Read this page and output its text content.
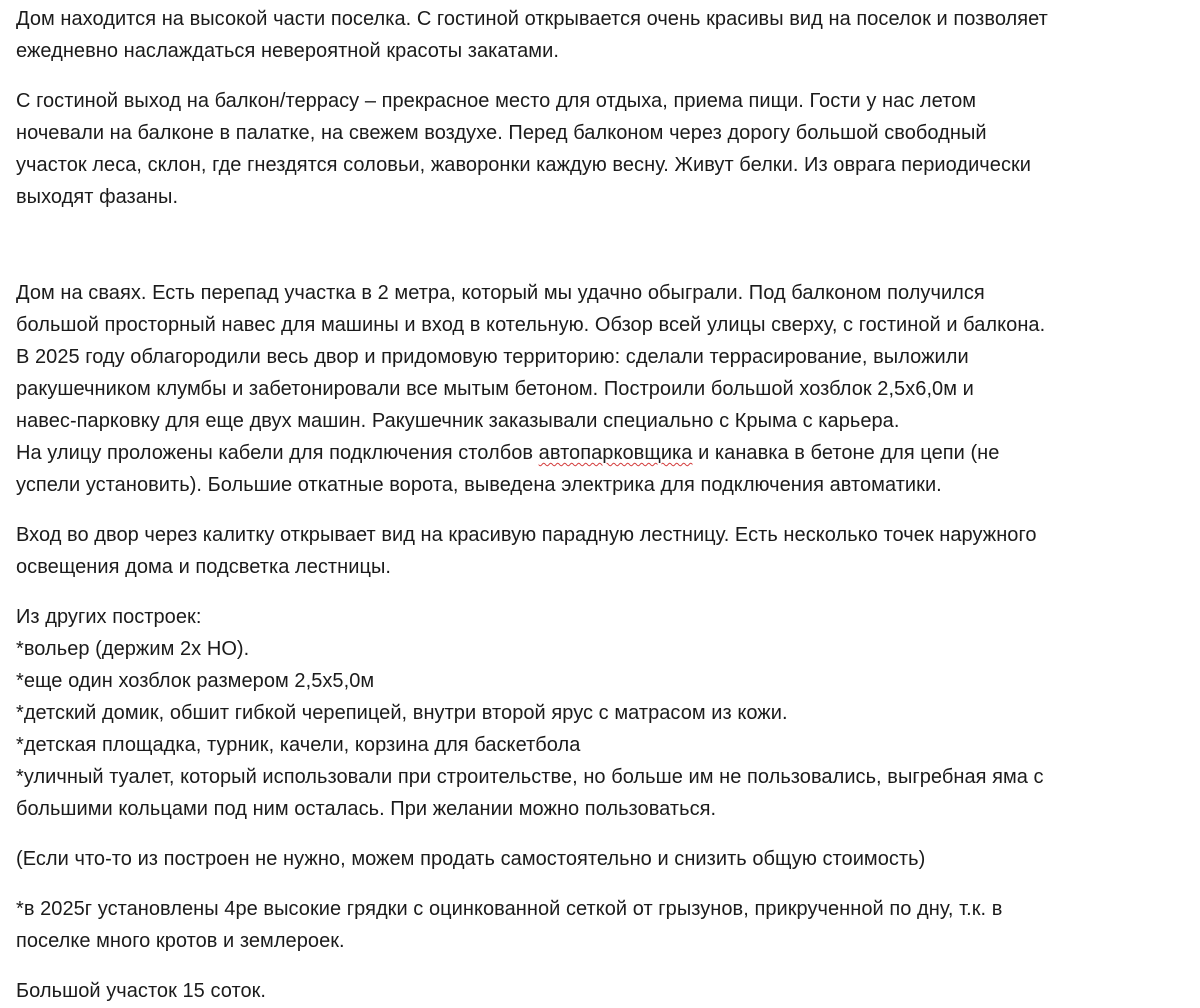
Дом находится на высокой части поселка. С гостиной открывается очень красивы вид на поселок и позволяет
ежедневно наслаждаться невероятной красоты закатами.
С гостиной выход на балкон/террасу – прекрасное место для отдыха, приема пищи. Гости у нас летом
ночевали на балконе в палатке, на свежем воздухе. Перед балконом через дорогу большой свободный
участок леса, склон, где гнездятся соловьи, жаворонки каждую весну. Живут белки. Из оврага периодически
выходят фазаны.
Дом на сваях. Есть перепад участка в 2 метра, который мы удачно обыграли. Под балконом получился
большой просторный навес для машины и вход в котельную. Обзор всей улицы сверху, с гостиной и балкона.
В 2025 году облагородили весь двор и придомовую территорию: сделали террасирование, выложили
ракушечником клумбы и забетонировали все мытым бетоном. Построили большой хозблок 2,5х6,0м и
навес-парковку для еще двух машин. Ракушечник заказывали специально с Крыма с карьера.
На улицу проложены кабели для подключения столбов автопарковщика и канавка в бетоне для цепи (не
успели установить). Большие откатные ворота, выведена электрика для подключения автоматики.
Вход во двор через калитку открывает вид на красивую парадную лестницу. Есть несколько точек наружного
освещения дома и подсветка лестницы.
Из других построек:
*вольер (держим 2х НО).
*еще один хозблок размером 2,5х5,0м
*детский домик, обшит гибкой черепицей, внутри второй ярус с матрасом из кожи.
*детская площадка, турник, качели, корзина для баскетбола
*уличный туалет, который использовали при строительстве, но больше им не пользовались, выгребная яма с
большими кольцами под ним осталась. При желании можно пользоваться.
(Если что-то из построен не нужно, можем продать самостоятельно и снизить общую стоимость)
*в 2025г установлены 4ре высокие грядки с оцинкованной сеткой от грызунов, прикрученной по дну, т.к. в
поселке много кротов и землероек.
Большой участок 15 соток.
